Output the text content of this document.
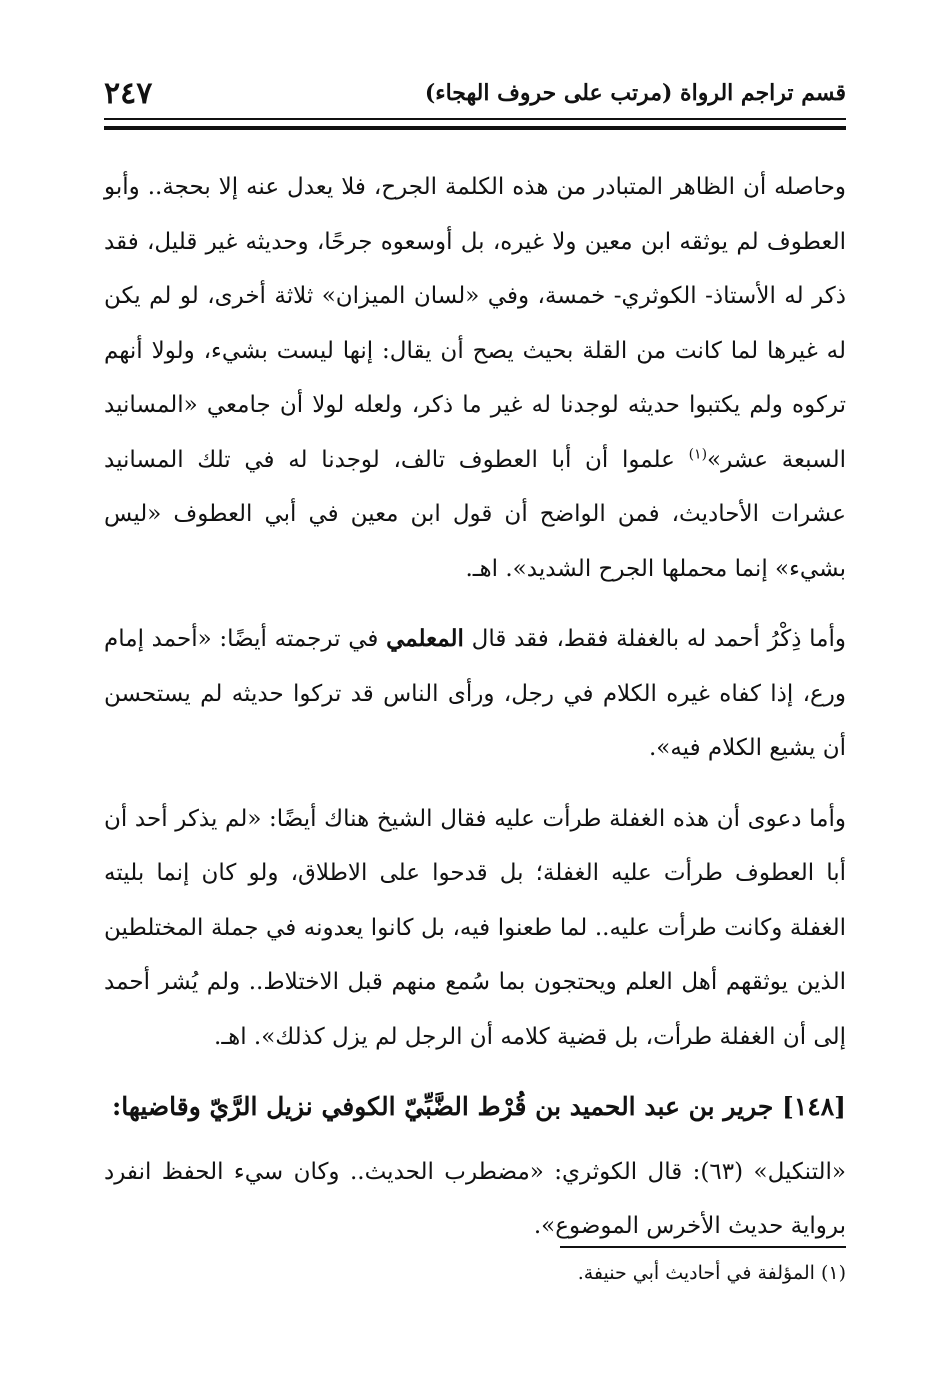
قسم تراجم الرواة (مرتب على حروف الهجاء)
٢٤٧

وحاصله أن الظاهر المتبادر من هذه الكلمة الجرح، فلا يعدل عنه إلا بحجة.. وأبو العطوف لم يوثقه ابن معين ولا غيره، بل أوسعوه جرحًا، وحديثه غير قليل، فقد ذكر له الأستاذ- الكوثري- خمسة، وفي «لسان الميزان» ثلاثة أخرى، لو لم يكن له غيرها لما كانت من القلة بحيث يصح أن يقال: إنها ليست بشيء، ولولا أنهم تركوه ولم يكتبوا حديثه لوجدنا له غير ما ذكر، ولعله لولا أن جامعي «المسانيد السبعة عشر»$^{(١)}$ علموا أن أبا العطوف تالف، لوجدنا له في تلك المسانيد عشرات الأحاديث، فمن الواضح أن قول ابن معين في أبي العطوف «ليس بشيء» إنما محملها الجرح الشديد». اهـ.

وأما ذِكْرُ أحمد له بالغفلة فقط، فقد قال المعلمي في ترجمته أيضًا: «أحمد إمام ورع، إذا كفاه غيره الكلام في رجل، ورأى الناس قد تركوا حديثه لم يستحسن أن يشيع الكلام فيه».

وأما دعوى أن هذه الغفلة طرأت عليه فقال الشيخ هناك أيضًا: «لم يذكر أحد أن أبا العطوف طرأت عليه الغفلة؛ بل قدحوا على الاطلاق، ولو كان إنما بليته الغفلة وكانت طرأت عليه.. لما طعنوا فيه، بل كانوا يعدونه في جملة المختلطين الذين يوثقهم أهل العلم ويحتجون بما سُمع منهم قبل الاختلاط.. ولم يُشر أحمد إلى أن الغفلة طرأت، بل قضية كلامه أن الرجل لم يزل كذلك». اهـ.

[١٤٨] جرير بن عبد الحميد بن قُرْط الضَّبِّيّ الكوفي نزيل الرَّيّ وقاضيها:

«التنكيل» (٦٣): قال الكوثري: «مضطرب الحديث.. وكان سيء الحفظ انفرد برواية حديث الأخرس الموضوع».

(١) المؤلفة في أحاديث أبي حنيفة.
